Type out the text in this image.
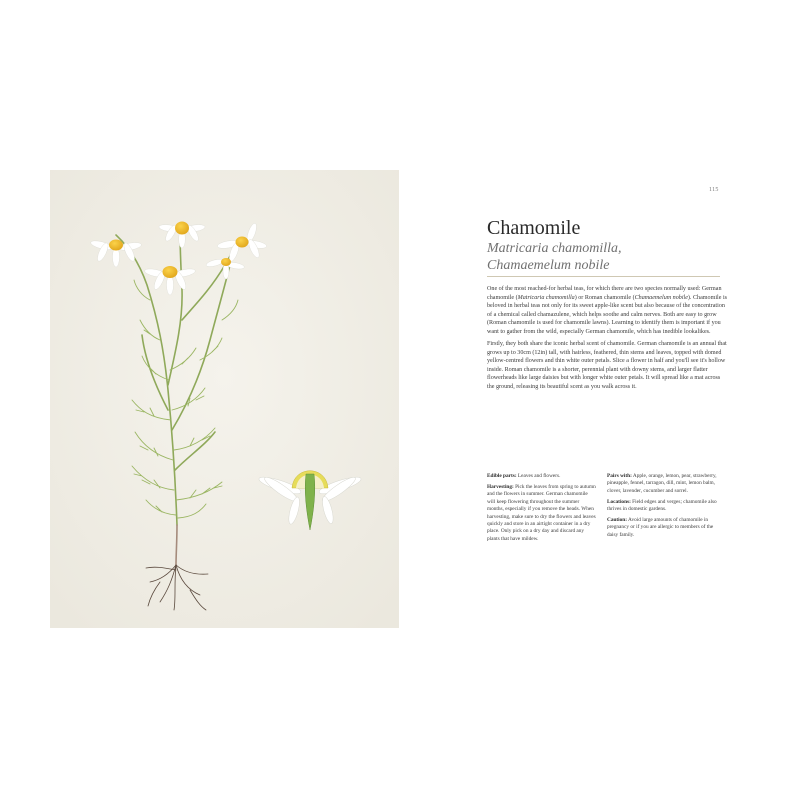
115
Chamomile
Matricaria chamomilla,
Chamaemelum nobile

One of the most reached-for herbal teas, for which there are two species normally used: German chamomile (Matricaria chamomilla) or Roman chamomile (Chamaemelum nobile). Chamomile is beloved in herbal teas not only for its sweet apple-like scent but also because of the concentration of a chemical called chamazulene, which helps soothe and calm nerves. Both are easy to grow (Roman chamomile is used for chamomile lawns). Learning to identify them is important if you want to gather from the wild, especially German chamomile, which has inedible lookalikes.

Firstly, they both share the iconic herbal scent of chamomile. German chamomile is an annual that grows up to 30cm (12in) tall, with hairless, feathered, thin stems and leaves, topped with domed yellow-centred flowers and thin white outer petals. Slice a flower in half and you'll see it's hollow inside. Roman chamomile is a shorter, perennial plant with downy stems, and larger flatter flowerheads like large daisies but with longer white outer petals. It will spread like a mat across the ground, releasing its beautiful scent as you walk across it.

Edible parts: Leaves and flowers.

Harvesting: Pick the leaves from spring to autumn and the flowers in summer. German chamomile will keep flowering throughout the summer months, especially if you remove the heads. When harvesting, make sure to dry the flowers and leaves quickly and store in an airtight container in a dry place. Only pick on a dry day and discard any plants that have mildew.

Pairs with: Apple, orange, lemon, pear, strawberry, pineapple, fennel, tarragon, dill, mint, lemon balm, clover, lavender, cucumber and sorrel.

Locations: Field edges and verges; chamomile also thrives in domestic gardens.

Caution: Avoid large amounts of chamomile in pregnancy or if you are allergic to members of the daisy family.
